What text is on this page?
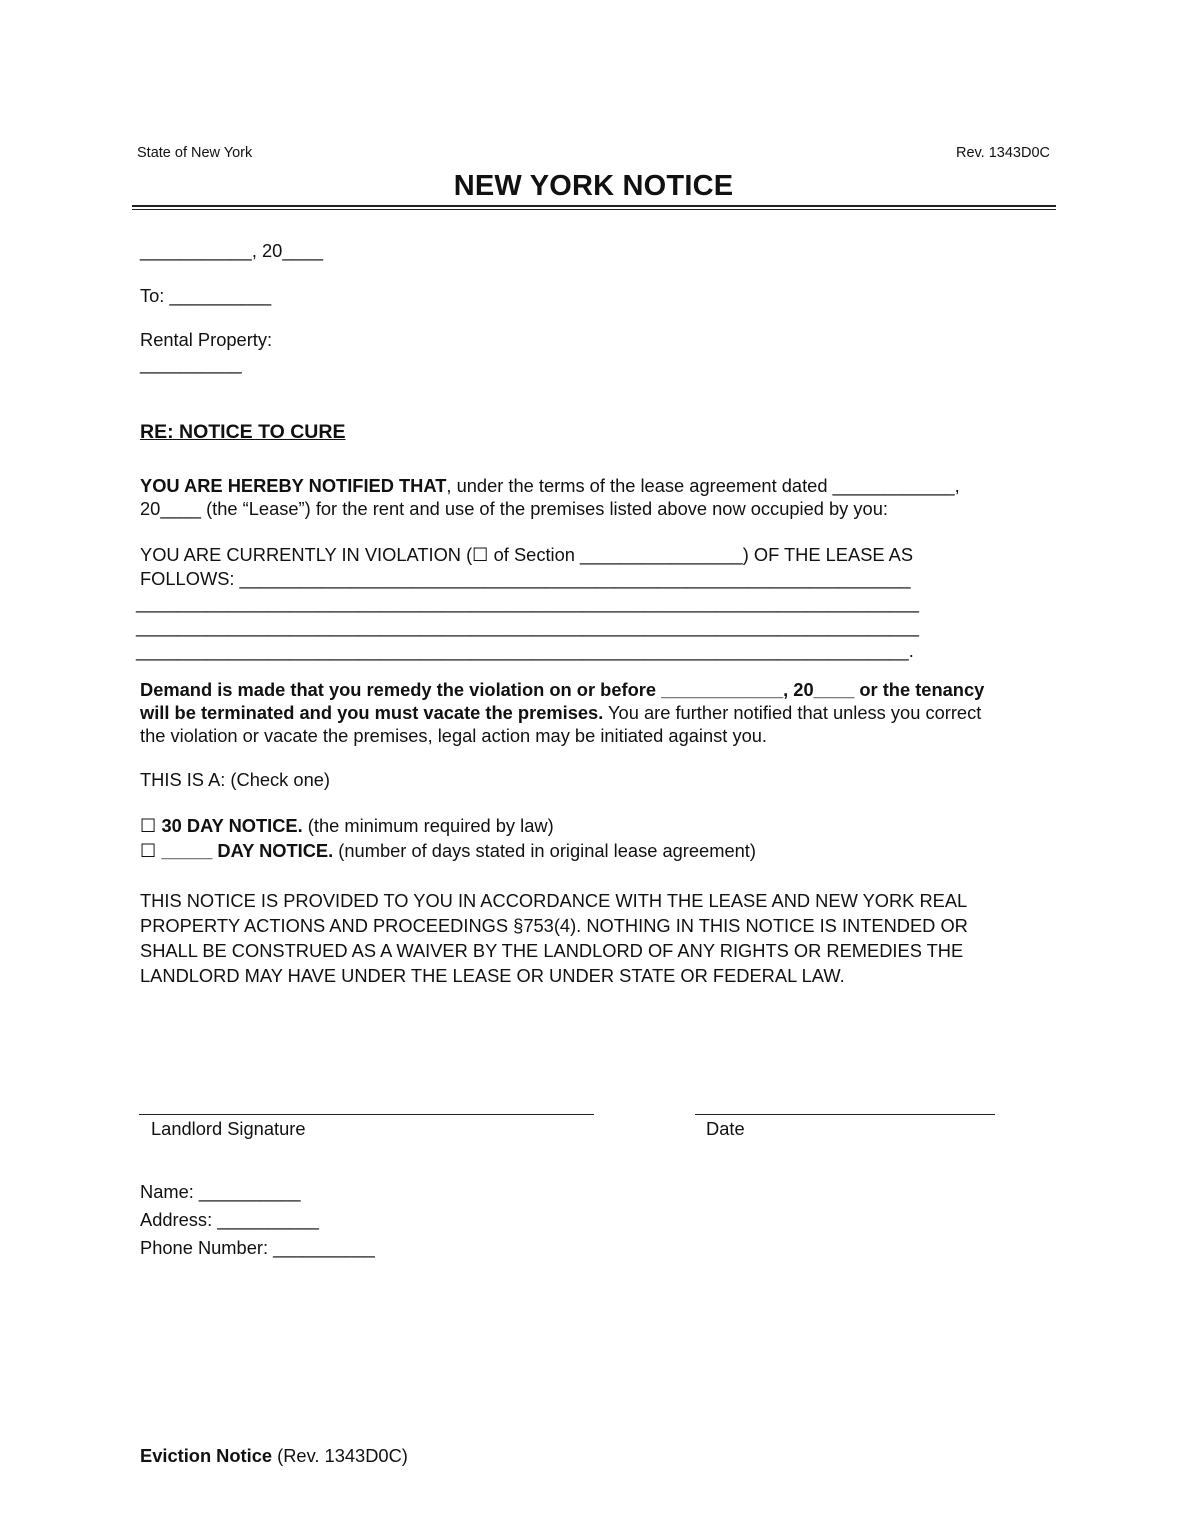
State of New York	Rev. 1343D0C
NEW YORK NOTICE
___________, 20____
To: __________
Rental Property:
__________
RE: NOTICE TO CURE
YOU ARE HEREBY NOTIFIED THAT, under the terms of the lease agreement dated ____________,
20____ (the “Lease”) for the rent and use of the premises listed above now occupied by you:
YOU ARE CURRENTLY IN VIOLATION (☐ of Section ________________) OF THE LEASE AS
FOLLOWS: __________________________________________________________________
_____________________________________________________________________________
_____________________________________________________________________________
____________________________________________________________________________.
Demand is made that you remedy the violation on or before ____________, 20____ or the tenancy
will be terminated and you must vacate the premises. You are further notified that unless you correct
the violation or vacate the premises, legal action may be initiated against you.
THIS IS A: (Check one)
☐ 30 DAY NOTICE. (the minimum required by law)
☐ _____ DAY NOTICE. (number of days stated in original lease agreement)
THIS NOTICE IS PROVIDED TO YOU IN ACCORDANCE WITH THE LEASE AND NEW YORK REAL
PROPERTY ACTIONS AND PROCEEDINGS §753(4). NOTHING IN THIS NOTICE IS INTENDED OR
SHALL BE CONSTRUED AS A WAIVER BY THE LANDLORD OF ANY RIGHTS OR REMEDIES THE
LANDLORD MAY HAVE UNDER THE LEASE OR UNDER STATE OR FEDERAL LAW.
Landlord Signature	Date
Name: __________
Address: __________
Phone Number: __________
Eviction Notice (Rev. 1343D0C)
